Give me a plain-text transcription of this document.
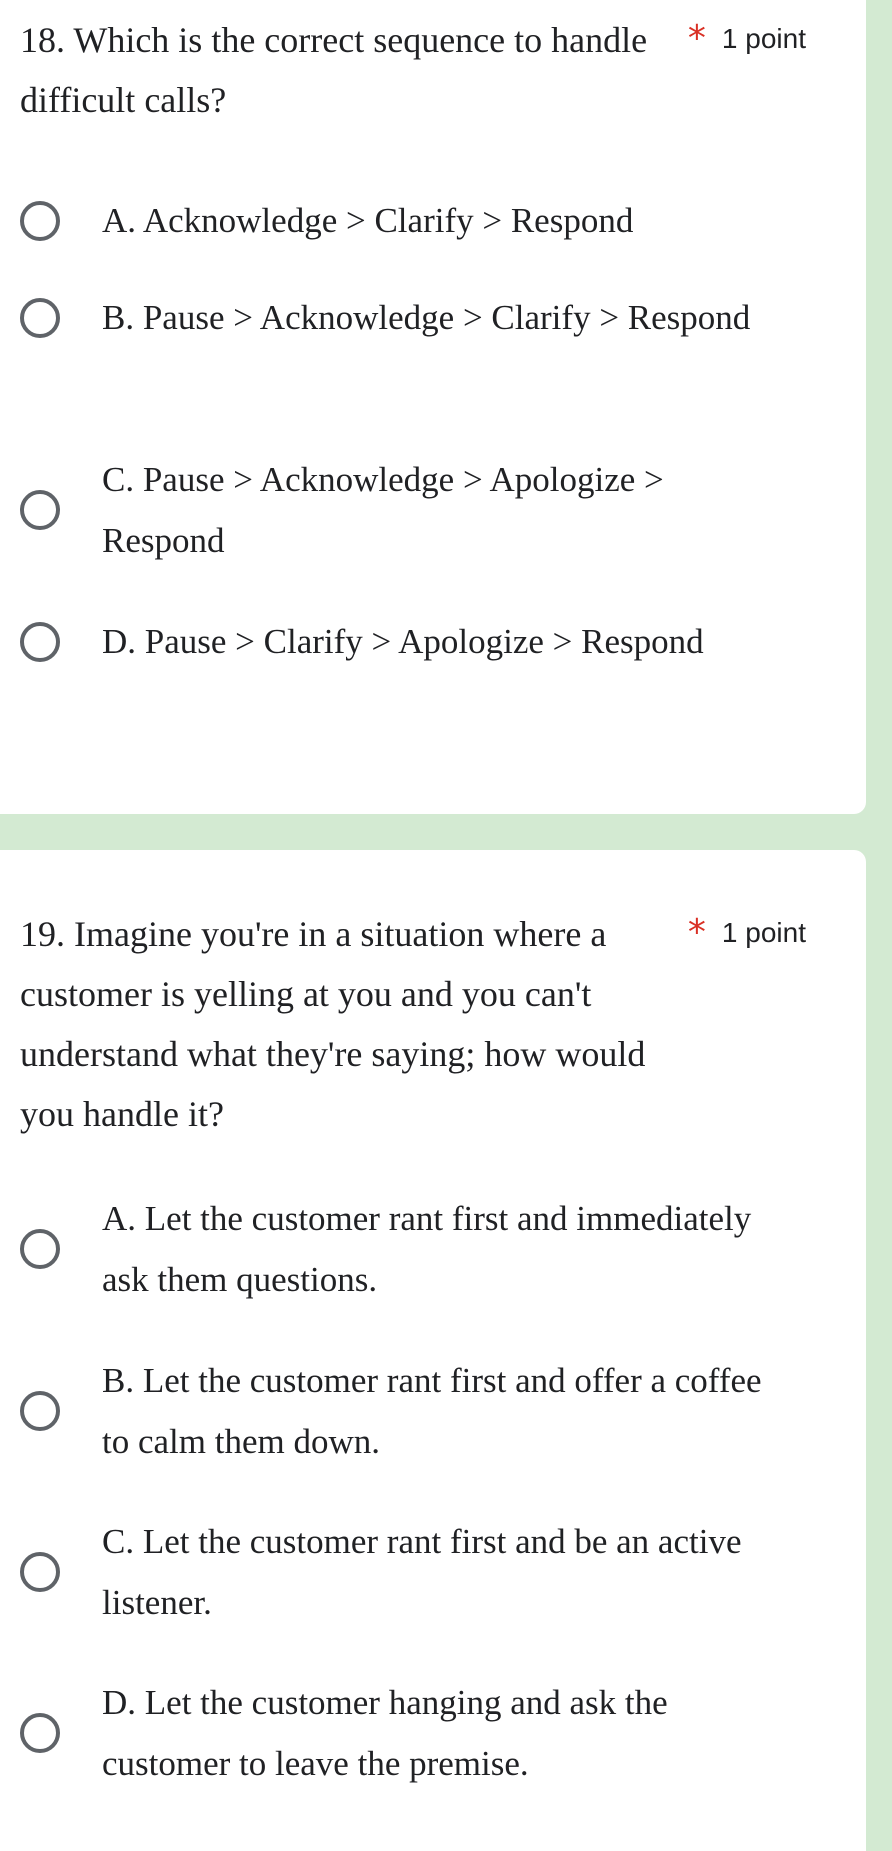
18. Which is the correct sequence to handle difficult calls?

* 1 point
A. Acknowledge > Clarify > Respond
B. Pause > Acknowledge > Clarify > Respond
C. Pause > Acknowledge > Apologize > Respond
D. Pause > Clarify > Apologize > Respond

19. Imagine you're in a situation where a customer is yelling at you and you can't understand what they're saying; how would you handle it?

* 1 point
A. Let the customer rant first and immediately ask them questions.
B. Let the customer rant first and offer a coffee to calm them down.
C. Let the customer rant first and be an active listener.
D. Let the customer hanging and ask the customer to leave the premise.
